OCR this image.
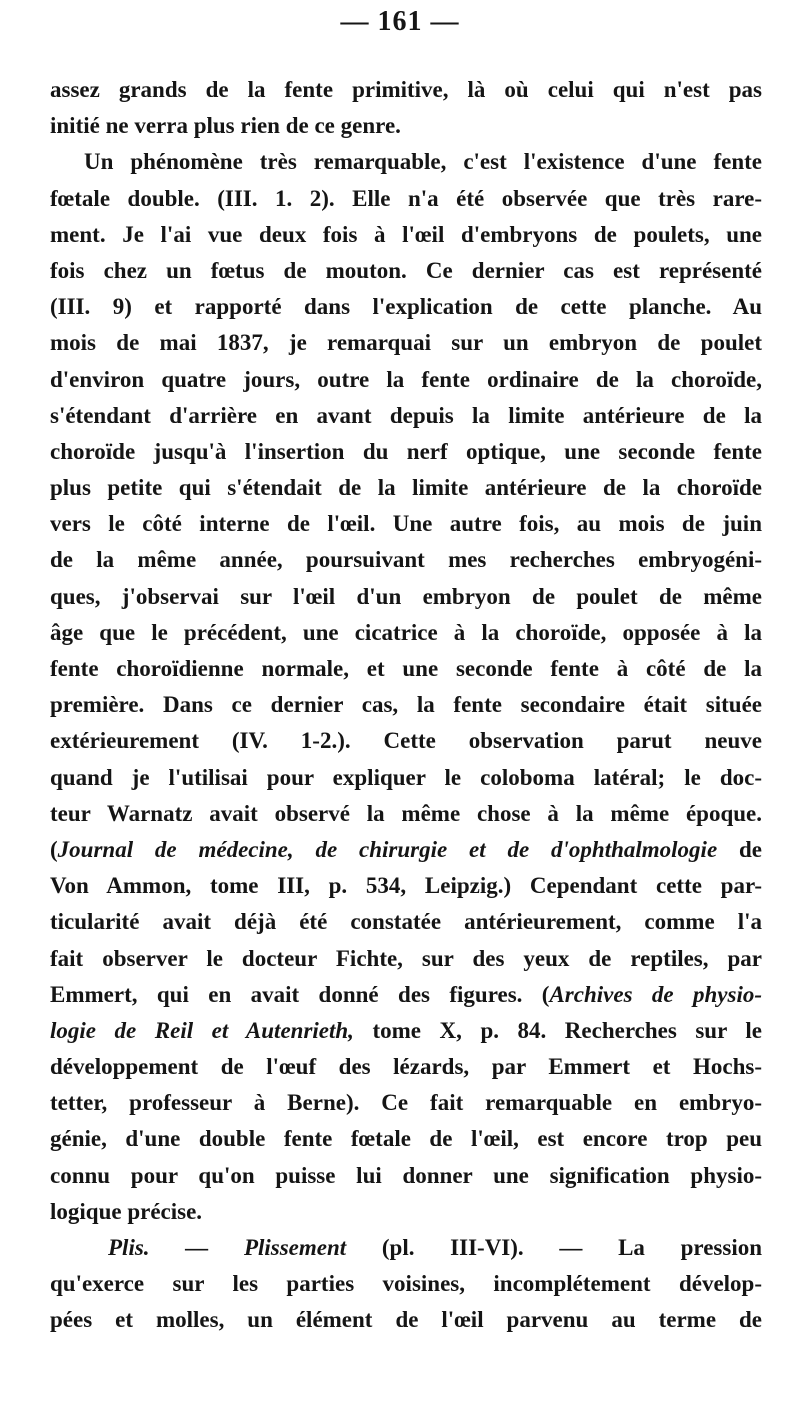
— 161 —
assez grands de la fente primitive, là où celui qui n'est pas
initié ne verra plus rien de ce genre.
Un phénomène très remarquable, c'est l'existence d'une fente
fœtale double. (III. 1. 2). Elle n'a été observée que très rare-
ment. Je l'ai vue deux fois à l'œil d'embryons de poulets, une
fois chez un fœtus de mouton. Ce dernier cas est représenté
(III. 9) et rapporté dans l'explication de cette planche. Au
mois de mai 1837, je remarquai sur un embryon de poulet
d'environ quatre jours, outre la fente ordinaire de la choroïde,
s'étendant d'arrière en avant depuis la limite antérieure de la
choroïde jusqu'à l'insertion du nerf optique, une seconde fente
plus petite qui s'étendait de la limite antérieure de la choroïde
vers le côté interne de l'œil. Une autre fois, au mois de juin
de la même année, poursuivant mes recherches embryogéni-
ques, j'observai sur l'œil d'un embryon de poulet de même
âge que le précédent, une cicatrice à la choroïde, opposée à la
fente choroïdienne normale, et une seconde fente à côté de la
première. Dans ce dernier cas, la fente secondaire était située
extérieurement (IV. 1-2.). Cette observation parut neuve
quand je l'utilisai pour expliquer le coloboma latéral; le doc-
teur Warnatz avait observé la même chose à la même époque.
(Journal de médecine, de chirurgie et de d'ophthalmologie de
Von Ammon, tome III, p. 534, Leipzig.) Cependant cette par-
ticularité avait déjà été constatée antérieurement, comme l'a
fait observer le docteur Fichte, sur des yeux de reptiles, par
Emmert, qui en avait donné des figures. (Archives de physio-
logie de Reil et Autenrieth, tome X, p. 84. Recherches sur le
développement de l'œuf des lézards, par Emmert et Hochs-
tetter, professeur à Berne). Ce fait remarquable en embryo-
génie, d'une double fente fœtale de l'œil, est encore trop peu
connu pour qu'on puisse lui donner une signification physio-
logique précise.
Plis. — Plissement (pl. III-VI). — La pression
qu'exerce sur les parties voisines, incomplétement dévelop-
pées et molles, un élément de l'œil parvenu au terme de
